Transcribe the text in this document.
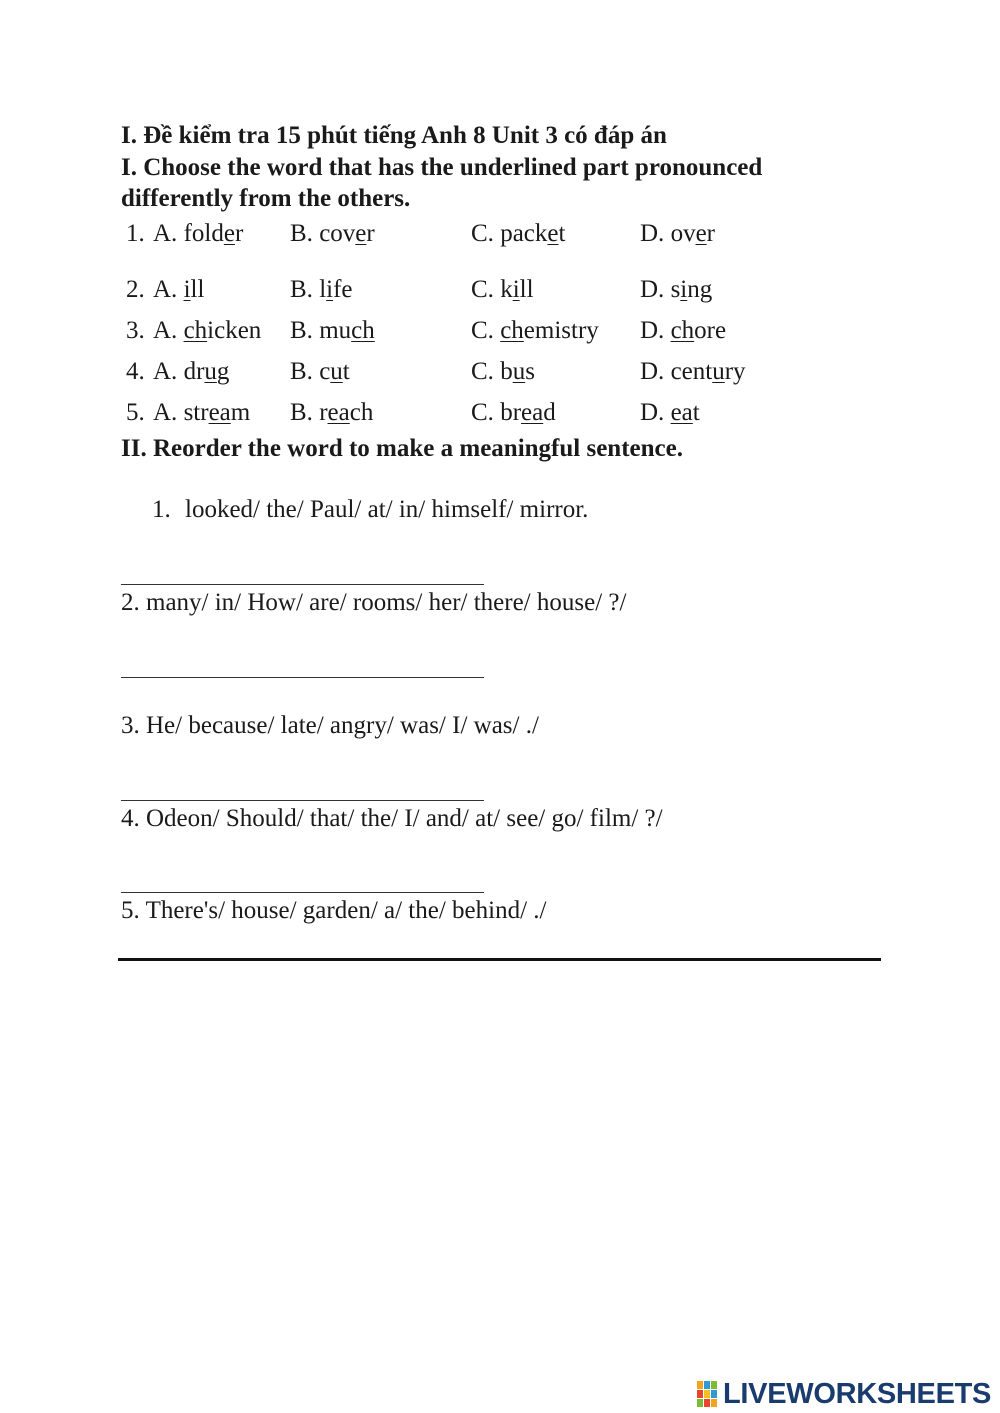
I. Đề kiểm tra 15 phút tiếng Anh 8 Unit 3 có đáp án
I. Choose the word that has the underlined part pronounced
differently from the others.
1. A. folder B. cover	C. packet	D. over
2. A. ill	B. life	C. kill	D. sing
3. A. chicken B. much	C. chemistry D. chore
4. A. drug B. cut	C. bus	D. century
5. A. stream B. reach	C. bread	D. eat
II. Reorder the word to make a meaningful sentence.
1. looked/ the/ Paul/ at/ in/ himself/ mirror.
2. many/ in/ How/ are/ rooms/ her/ there/ house/ ?/
3. He/ because/ late/ angry/ was/ I/ was/ ./
4. Odeon/ Should/ that/ the/ I/ and/ at/ see/ go/ film/ ?/
5. There's/ house/ garden/ a/ the/ behind/ ./
LIVEWORKSHEETS
